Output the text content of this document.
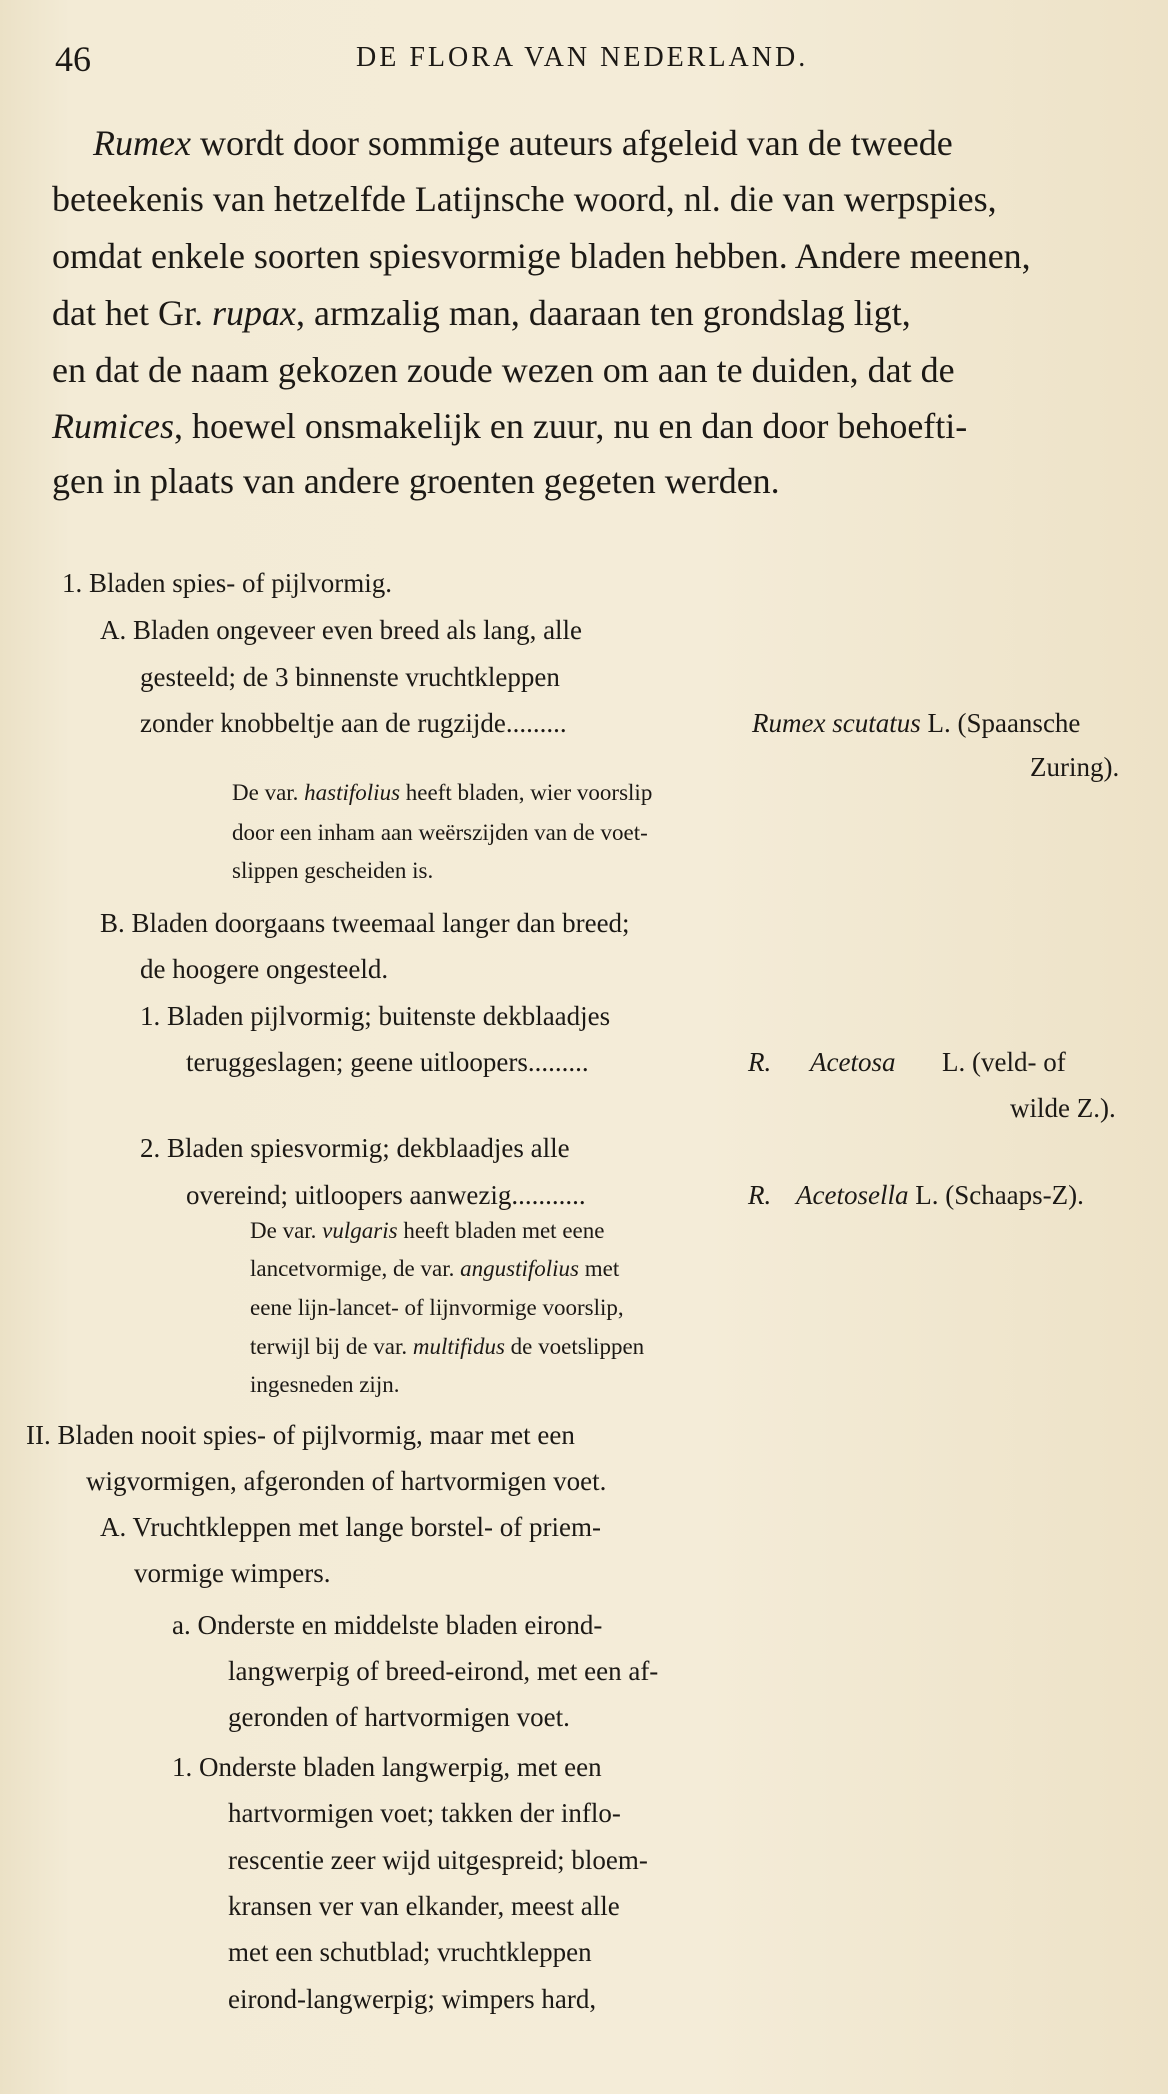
46	DE FLORA VAN NEDERLAND.
Rumex wordt door sommige auteurs afgeleid van de tweede
beteekenis van hetzelfde Latijnsche woord, nl. die van werpspies,
omdat enkele soorten spiesvormige bladen hebben. Andere meenen,
dat het Gr. rupax, armzalig man, daaraan ten grondslag ligt,
en dat de naam gekozen zoude wezen om aan te duiden, dat de
Rumices, hoewel onsmakelijk en zuur, nu en dan door behoefti-
gen in plaats van andere groenten gegeten werden.
1. Bladen spies- of pijlvormig.
A. Bladen ongeveer even breed als lang, alle
gesteeld; de 3 binnenste vruchtkleppen
zonder knobbeltje aan de rugzijde.........	Rumex scutatus L. (Spaansche
Zuring).
De var. hastifolius heeft bladen, wier voorslip
door een inham aan weërszijden van de voet-
slippen gescheiden is.
B. Bladen doorgaans tweemaal langer dan breed;
de hoogere ongesteeld.
1. Bladen pijlvormig; buitenste dekblaadjes
teruggeslagen; geene uitloopers.........	R. Acetosa L. (veld- of
wilde Z.).
2. Bladen spiesvormig; dekblaadjes alle
overeind; uitloopers aanwezig...........	R. Acetosella L. (Schaaps-Z).
De var. vulgaris heeft bladen met eene
lancetvormige, de var. angustifolius met
eene lijn-lancet- of lijnvormige voorslip,
terwijl bij de var. multifidus de voetslippen
ingesneden zijn.
II. Bladen nooit spies- of pijlvormig, maar met een
wigvormigen, afgeronden of hartvormigen voet.
A. Vruchtkleppen met lange borstel- of priem-
vormige wimpers.
a. Onderste en middelste bladen eirond-
langwerpig of breed-eirond, met een af-
geronden of hartvormigen voet.
1. Onderste bladen langwerpig, met een
hartvormigen voet; takken der inflo-
rescentie zeer wijd uitgespreid; bloem-
kransen ver van elkander, meest alle
met een schutblad; vruchtkleppen
eirond-langwerpig; wimpers hard,
